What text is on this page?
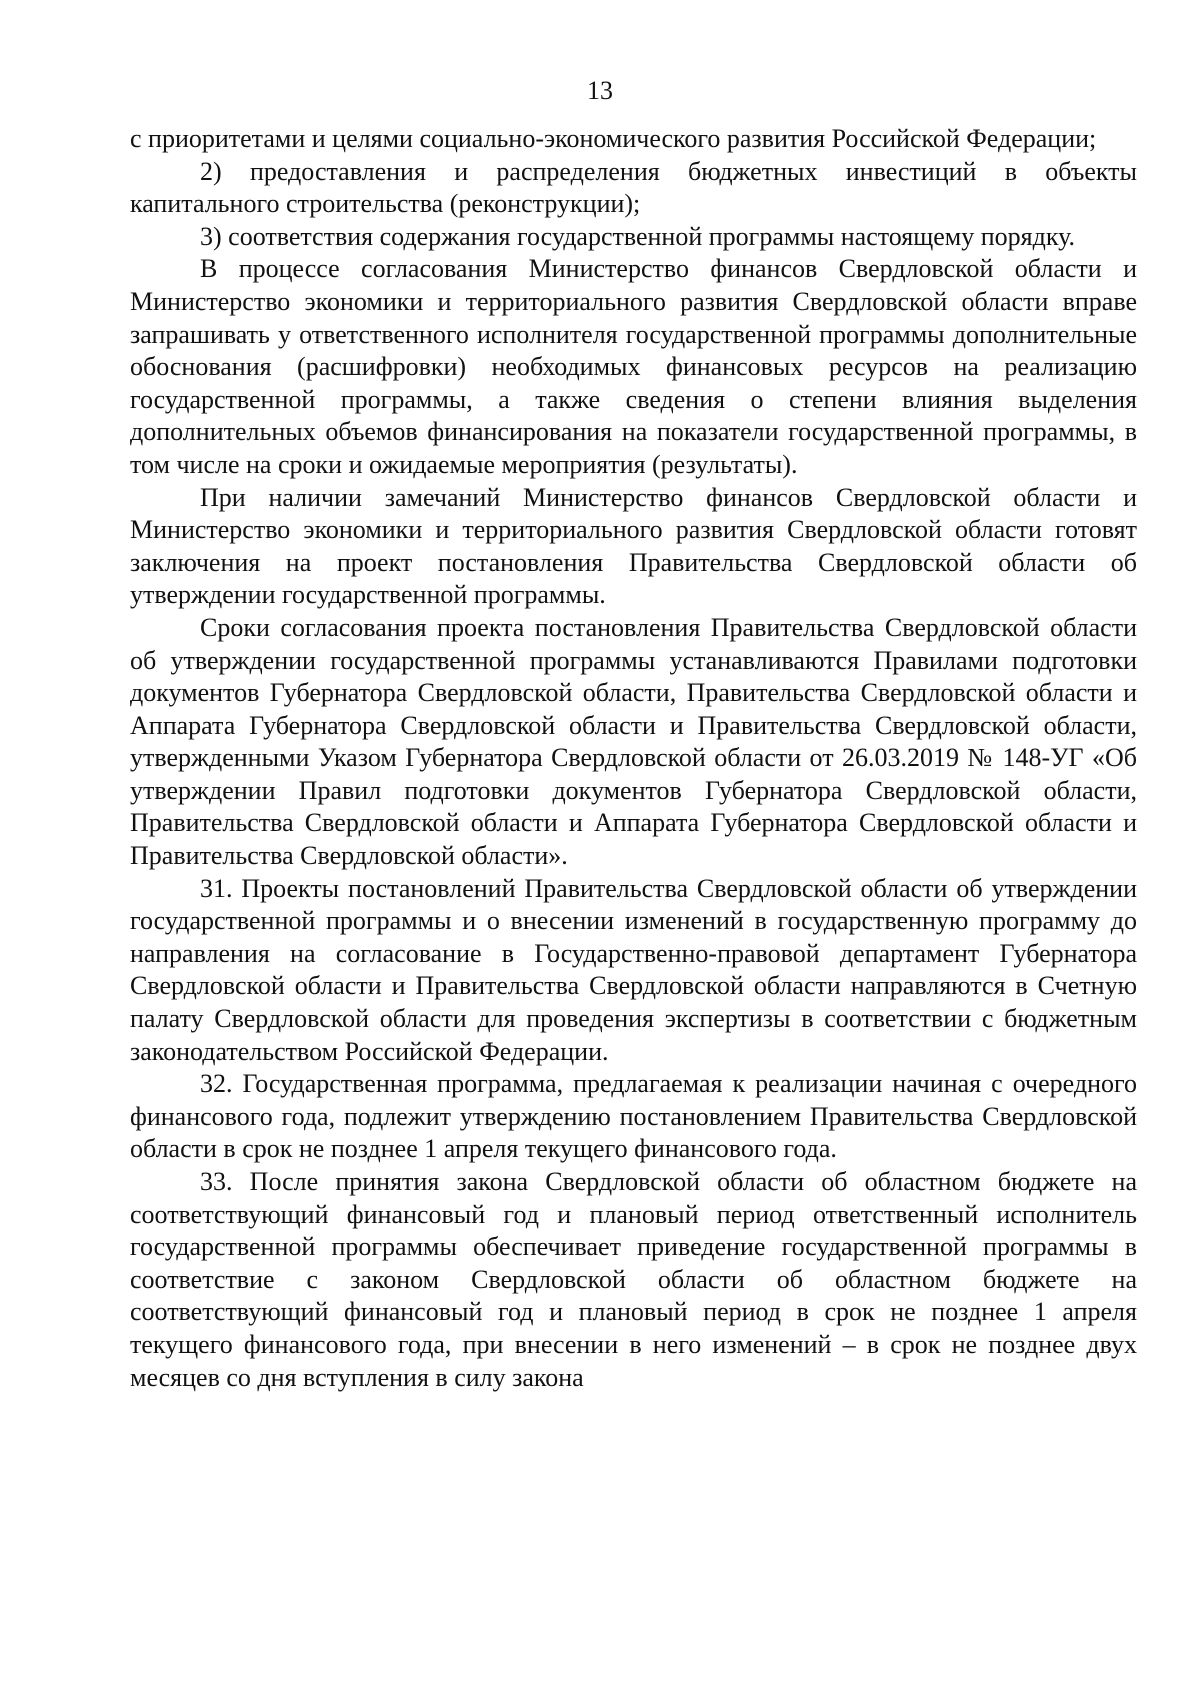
13

с приоритетами и целями социально-экономического развития Российской Федерации;

2) предоставления и распределения бюджетных инвестиций в объекты капитального строительства (реконструкции);

3) соответствия содержания государственной программы настоящему порядку.

В процессе согласования Министерство финансов Свердловской области и Министерство экономики и территориального развития Свердловской области вправе запрашивать у ответственного исполнителя государственной программы дополнительные обоснования (расшифровки) необходимых финансовых ресурсов на реализацию государственной программы, а также сведения о степени влияния выделения дополнительных объемов финансирования на показатели государственной программы, в том числе на сроки и ожидаемые мероприятия (результаты).

При наличии замечаний Министерство финансов Свердловской области и Министерство экономики и территориального развития Свердловской области готовят заключения на проект постановления Правительства Свердловской области об утверждении государственной программы.

Сроки согласования проекта постановления Правительства Свердловской области об утверждении государственной программы устанавливаются Правилами подготовки документов Губернатора Свердловской области, Правительства Свердловской области и Аппарата Губернатора Свердловской области и Правительства Свердловской области, утвержденными Указом Губернатора Свердловской области от 26.03.2019 № 148-УГ «Об утверждении Правил подготовки документов Губернатора Свердловской области, Правительства Свердловской области и Аппарата Губернатора Свердловской области и Правительства Свердловской области».

31. Проекты постановлений Правительства Свердловской области об утверждении государственной программы и о внесении изменений в государственную программу до направления на согласование в Государственно-правовой департамент Губернатора Свердловской области и Правительства Свердловской области направляются в Счетную палату Свердловской области для проведения экспертизы в соответствии с бюджетным законодательством Российской Федерации.

32. Государственная программа, предлагаемая к реализации начиная с очередного финансового года, подлежит утверждению постановлением Правительства Свердловской области в срок не позднее 1 апреля текущего финансового года.

33. После принятия закона Свердловской области об областном бюджете на соответствующий финансовый год и плановый период ответственный исполнитель государственной программы обеспечивает приведение государственной программы в соответствие с законом Свердловской области об областном бюджете на соответствующий финансовый год и плановый период в срок не позднее 1 апреля текущего финансового года, при внесении в него изменений – в срок не позднее двух месяцев со дня вступления в силу закона
